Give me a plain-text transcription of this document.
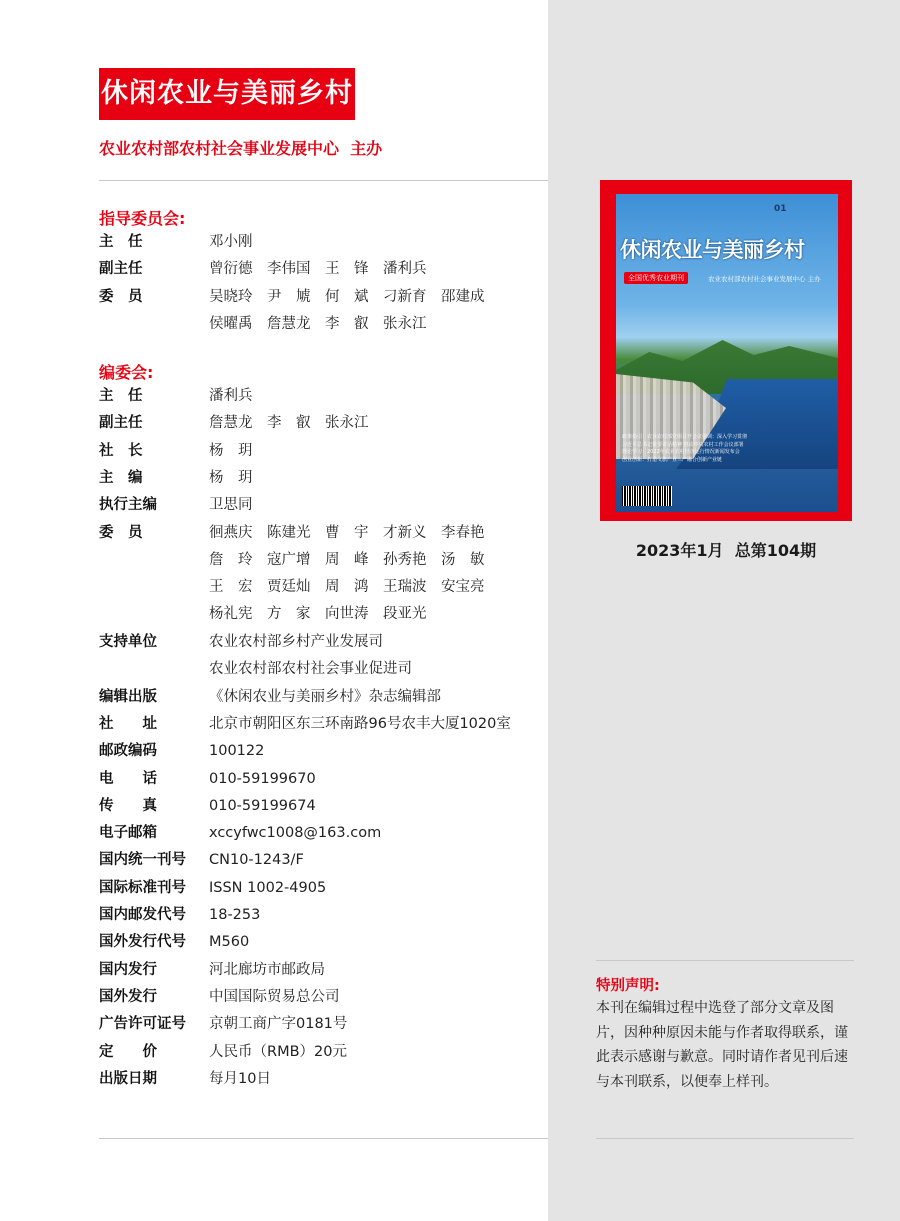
休闲农业与美丽乡村
农业农村部农村社会事业发展中心  主办
指导委员会:
主　任	邓小刚
副主任	曾衍德　李伟国　王　锋　潘利兵
委　员	吴晓玲　尹　虓　何　斌　刁新育　邵建成
侯曜禹　詹慧龙　李　叡　张永江
编委会:
主　任	潘利兵
副主任	詹慧龙　李　叡　张永江
社　长	杨　玥
主　编	杨　玥
执行主编	卫思同
委　员	徊燕庆　陈建光　曹　宇　才新义　李春艳
詹　玲　寇广增　周　峰　孙秀艳　汤　敏
王　宏　贾廷灿　周　鸿　王瑞波　安宝亮
杨礼宪　方　家　向世涛　段亚光
支持单位	农业农村部乡村产业发展司
农业农村部农村社会事业促进司
编辑出版	《休闲农业与美丽乡村》杂志编辑部
社　　址	北京市朝阳区东三环南路96号农丰大厦1020室
邮政编码	100122
电　　话	010-59199670
传　　真	010-59199674
电子邮箱	xccyfwc1008@163.com
国内统一刊号	CN10-1243/F
国际标准刊号	ISSN 1002-4905
国内邮发代号	18-253
国外发行代号	M560
国内发行	河北廊坊市邮政局
国外发行	中国国际贸易总公司
广告许可证号	京朝工商广字0181号
定　　价	人民币（RMB）20元
出版日期	每月10日
01
休闲农业与美丽乡村
全国优秀农业期刊	农业农村部农村社会事业发展中心 主办
政策指引：农业农村部党组召开会议强调：深入学习贯彻
习近平总书记重要讲话精神 推动中央农村工作会议部署
理论学习：2022年农业农村经济运行情况新闻发布会
创业创新：打造文旅产业三产融合创新产业链
2023年1月  总第104期
特别声明:
本刊在编辑过程中选登了部分文章及图片，因种种原因未能与作者取得联系，谨此表示感谢与歉意。同时请作者见刊后速与本刊联系，以便奉上样刊。
